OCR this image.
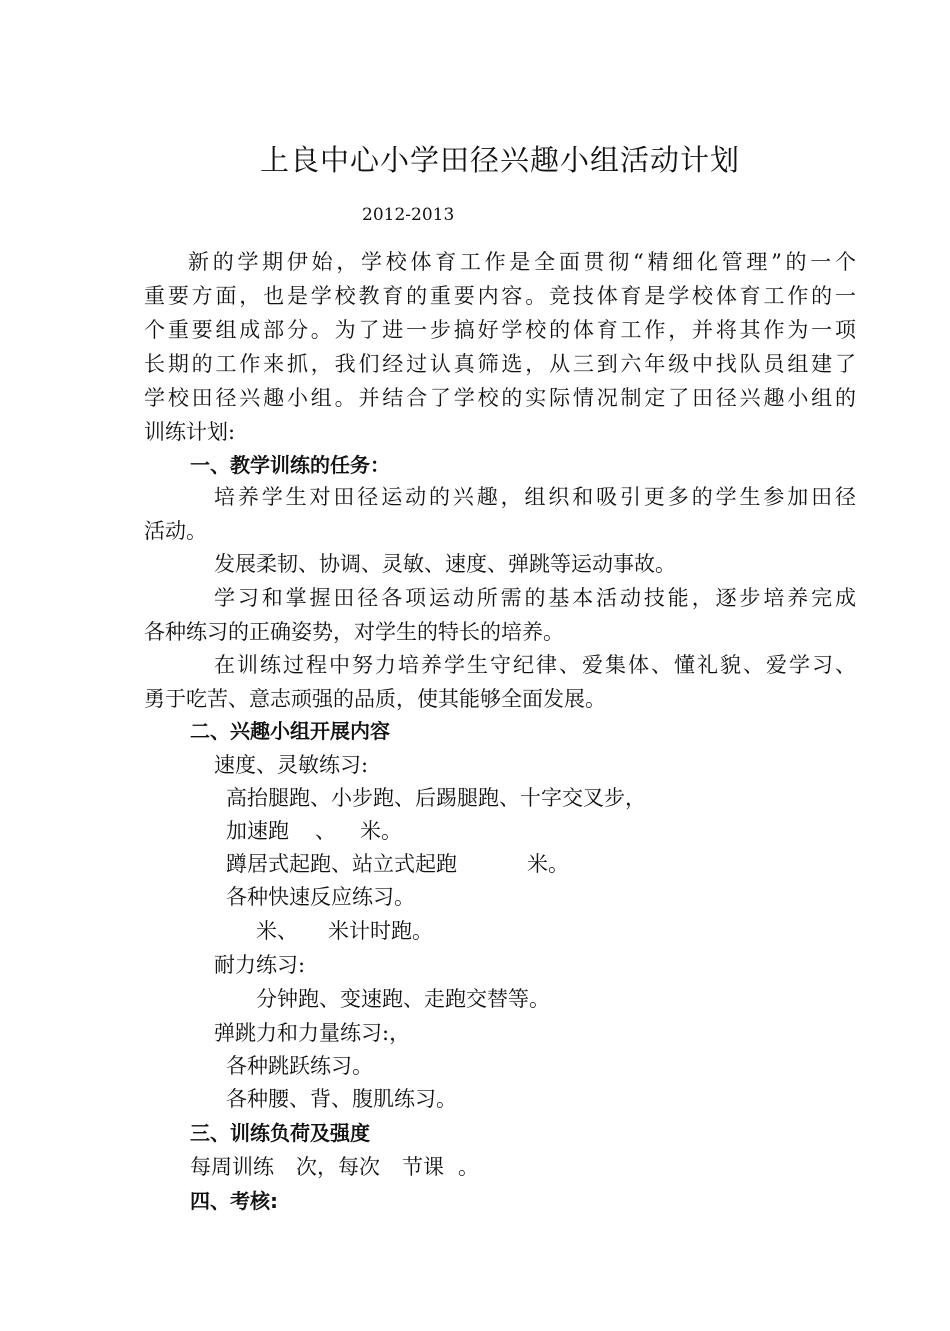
上良中心小学田径兴趣小组活动计划
2012-2013
新的学期伊始，学校体育工作是全面贯彻“精细化管理”的一个
重要方面，也是学校教育的重要内容。竞技体育是学校体育工作的一
个重要组成部分。为了进一步搞好学校的体育工作，并将其作为一项
长期的工作来抓，我们经过认真筛选，从三到六年级中找队员组建了
学校田径兴趣小组。并结合了学校的实际情况制定了田径兴趣小组的
训练计划:
一、教学训练的任务：
培养学生对田径运动的兴趣，组织和吸引更多的学生参加田径
活动。
发展柔韧、协调、灵敏、速度、弹跳等运动事故。
学习和掌握田径各项运动所需的基本活动技能，逐步培养完成
各种练习的正确姿势，对学生的特长的培养。
在训练过程中努力培养学生守纪律、爱集体、懂礼貌、爱学习、
勇于吃苦、意志顽强的品质，使其能够全面发展。
二、兴趣小组开展内容
速度、灵敏练习:
高抬腿跑、小步跑、后踢腿跑、十字交叉步，
加速跑 、 米。
蹲居式起跑、站立式起跑	米。
各种快速反应练习。
米、 米计时跑。
耐力练习:
分钟跑、变速跑、走跑交替等。
弹跳力和力量练习:，
各种跳跃练习。
各种腰、背、腹肌练习。
三、训练负荷及强度
每周训练 次，每次 节课 。
四、考核:
